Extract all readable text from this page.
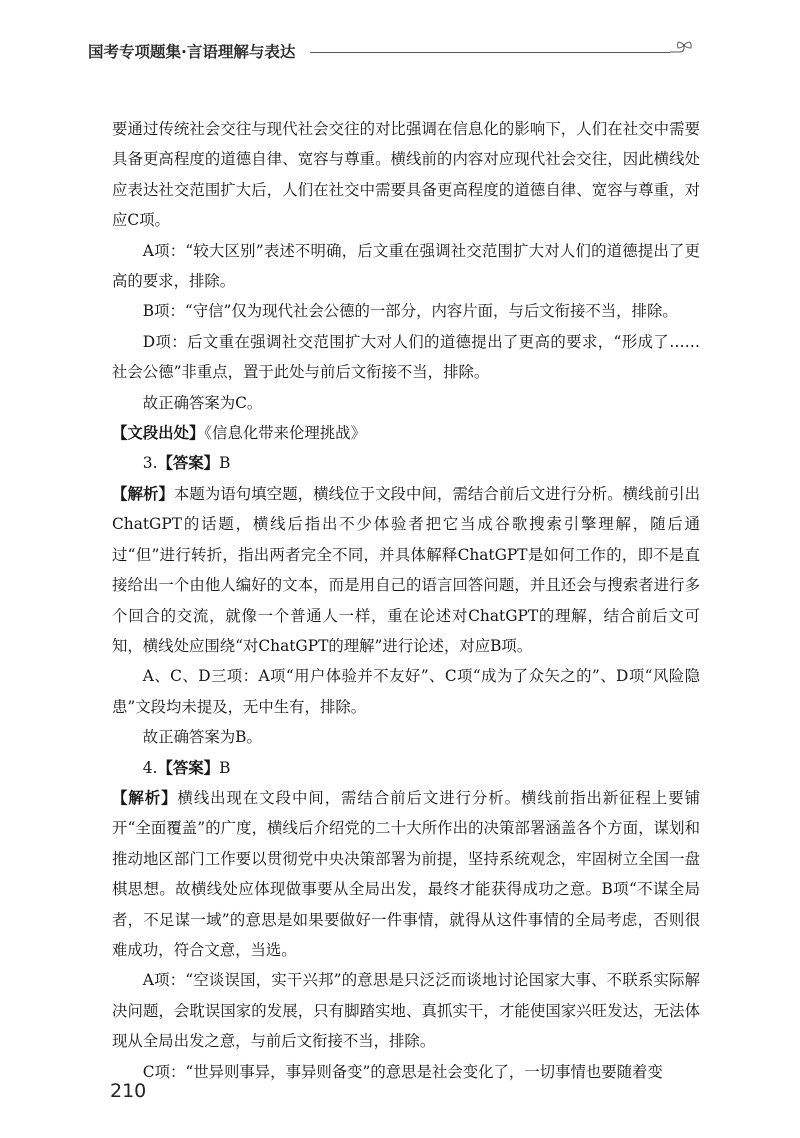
国考专项题集·言语理解与表达

要通过传统社会交往与现代社会交往的对比强调在信息化的影响下，人们在社交中需要具备更高程度的道德自律、宽容与尊重。横线前的内容对应现代社会交往，因此横线处应表达社交范围扩大后，人们在社交中需要具备更高程度的道德自律、宽容与尊重，对应C项。

A项：“较大区别”表述不明确，后文重在强调社交范围扩大对人们的道德提出了更高的要求，排除。

B项：“守信”仅为现代社会公德的一部分，内容片面，与后文衔接不当，排除。

D项：后文重在强调社交范围扩大对人们的道德提出了更高的要求，“形成了……社会公德”非重点，置于此处与前后文衔接不当，排除。

故正确答案为C。

【文段出处】《信息化带来伦理挑战》

3.【答案】B

【解析】本题为语句填空题，横线位于文段中间，需结合前后文进行分析。横线前引出ChatGPT的话题，横线后指出不少体验者把它当成谷歌搜索引擎理解，随后通过“但”进行转折，指出两者完全不同，并具体解释ChatGPT是如何工作的，即不是直接给出一个由他人编好的文本，而是用自己的语言回答问题，并且还会与搜索者进行多个回合的交流，就像一个普通人一样，重在论述对ChatGPT的理解，结合前后文可知，横线处应围绕“对ChatGPT的理解”进行论述，对应B项。

A、C、D三项：A项“用户体验并不友好”、C项“成为了众矢之的”、D项“风险隐患”文段均未提及，无中生有，排除。

故正确答案为B。

4.【答案】B

【解析】横线出现在文段中间，需结合前后文进行分析。横线前指出新征程上要铺开“全面覆盖”的广度，横线后介绍党的二十大所作出的决策部署涵盖各个方面，谋划和推动地区部门工作要以贯彻党中央决策部署为前提，坚持系统观念，牢固树立全国一盘棋思想。故横线处应体现做事要从全局出发，最终才能获得成功之意。B项“不谋全局者，不足谋一域”的意思是如果要做好一件事情，就得从这件事情的全局考虑，否则很难成功，符合文意，当选。

A项：“空谈误国，实干兴邦”的意思是只泛泛而谈地讨论国家大事、不联系实际解决问题，会耽误国家的发展，只有脚踏实地、真抓实干，才能使国家兴旺发达，无法体现从全局出发之意，与前后文衔接不当，排除。

C项：“世异则事异，事异则备变”的意思是社会变化了，一切事情也要随着变

210
